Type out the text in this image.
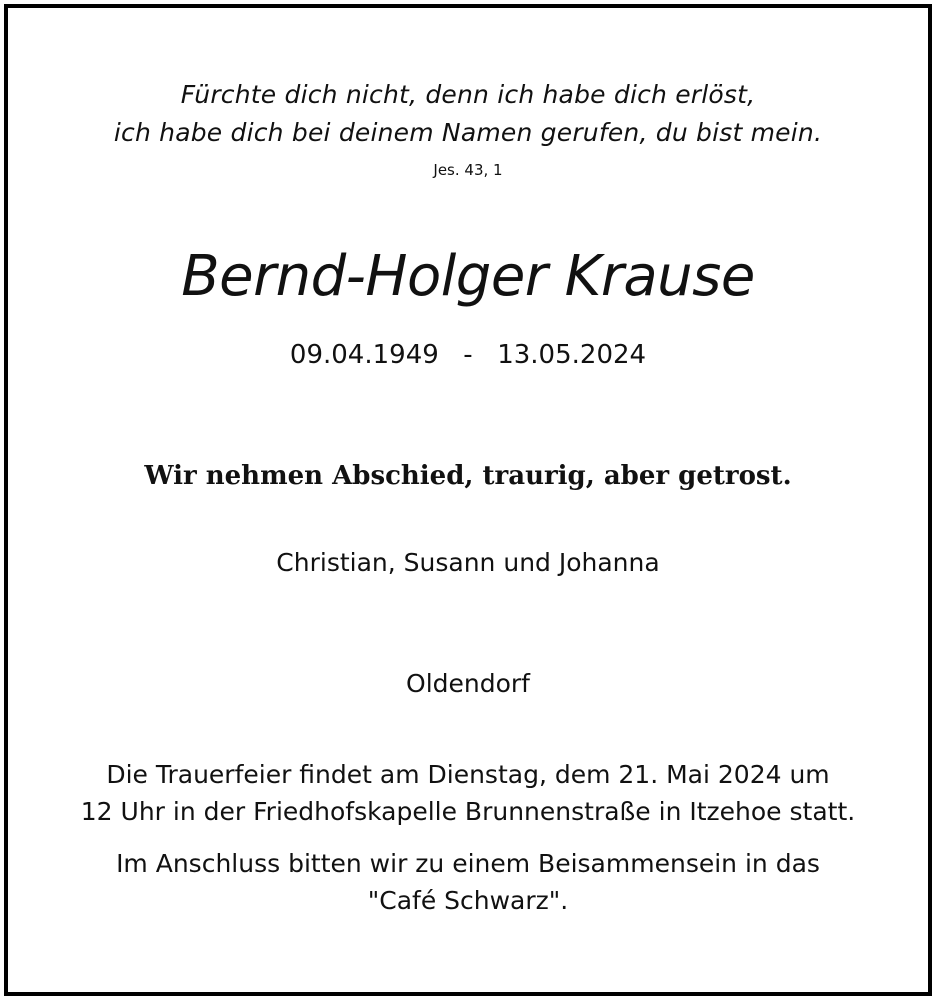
Fürchte dich nicht, denn ich habe dich erlöst,

ich habe dich bei deinem Namen gerufen, du bist mein.

Jes. 43, 1

Bernd-Holger Krause

09.04.1949  -  13.05.2024

Wir nehmen Abschied, traurig, aber getrost.

Christian, Susann und Johanna

Oldendorf

Die Trauerfeier findet am Dienstag, dem 21. Mai 2024 um

12 Uhr in der Friedhofskapelle Brunnenstraße in Itzehoe statt.

Im Anschluss bitten wir zu einem Beisammensein in das

"Café Schwarz".
